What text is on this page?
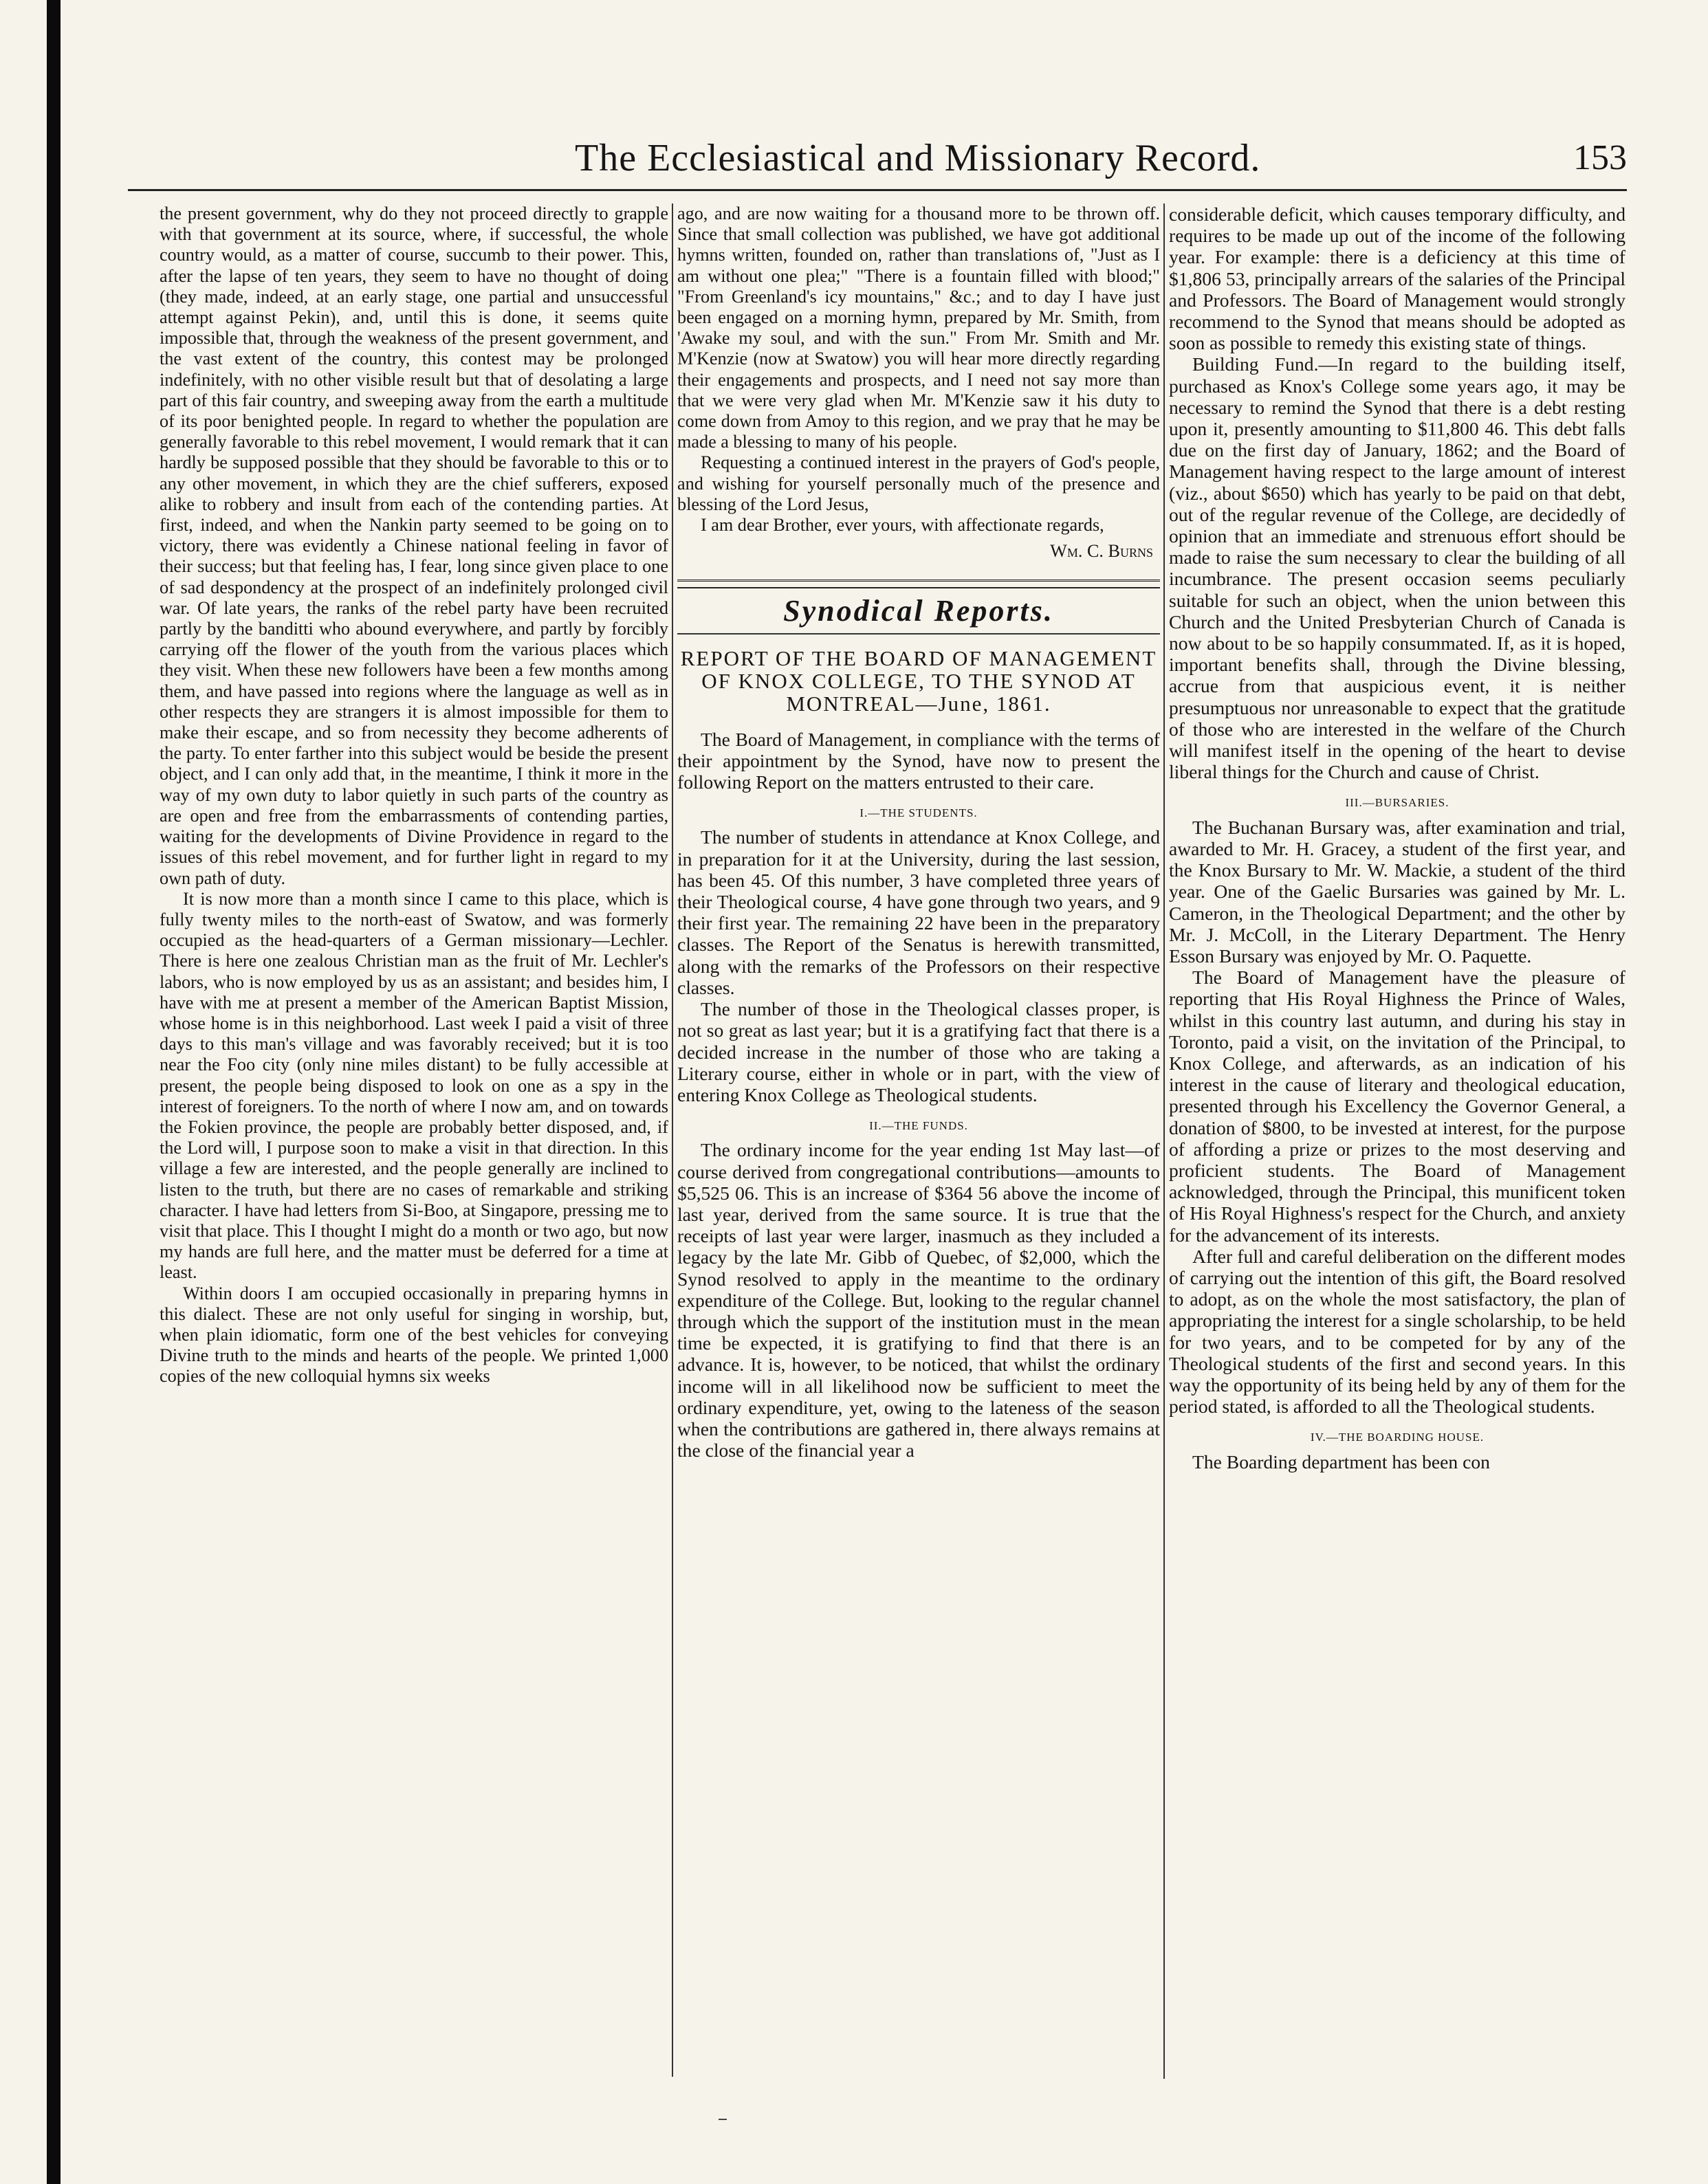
The Ecclesiastical and Missionary Record.	153

the present government, why do they not proceed directly to grapple with that government at its source, where, if successful, the whole country would, as a matter of course, succumb to their power. This, after the lapse of ten years, they seem to have no thought of doing (they made, indeed, at an early stage, one partial and unsuccessful attempt against Pekin), and, until this is done, it seems quite impossible that, through the weakness of the present government, and the vast extent of the country, this contest may be prolonged indefinitely, with no other visible result but that of desolating a large part of this fair country, and sweeping away from the earth a multitude of its poor benighted people. In regard to whether the population are generally favorable to this rebel movement, I would remark that it can hardly be supposed possible that they should be favorable to this or to any other movement, in which they are the chief sufferers, exposed alike to robbery and insult from each of the contending parties. At first, indeed, and when the Nankin party seemed to be going on to victory, there was evidently a Chinese national feeling in favor of their success; but that feeling has, I fear, long since given place to one of sad despondency at the prospect of an indefinitely prolonged civil war. Of late years, the ranks of the rebel party have been recruited partly by the banditti who abound everywhere, and partly by forcibly carrying off the flower of the youth from the various places which they visit. When these new followers have been a few months among them, and have passed into regions where the language as well as in other respects they are strangers it is almost impossible for them to make their escape, and so from necessity they become adherents of the party. To enter farther into this subject would be beside the present object, and I can only add that, in the meantime, I think it more in the way of my own duty to labor quietly in such parts of the country as are open and free from the embarrassments of contending parties, waiting for the developments of Divine Providence in regard to the issues of this rebel movement, and for further light in regard to my own path of duty.

It is now more than a month since I came to this place, which is fully twenty miles to the north-east of Swatow, and was formerly occupied as the head-quarters of a German missionary—Lechler. There is here one zealous Christian man as the fruit of Mr. Lechler's labors, who is now employed by us as an assistant; and besides him, I have with me at present a member of the American Baptist Mission, whose home is in this neighborhood. Last week I paid a visit of three days to this man's village and was favorably received; but it is too near the Foo city (only nine miles distant) to be fully accessible at present, the people being disposed to look on one as a spy in the interest of foreigners. To the north of where I now am, and on towards the Fokien province, the people are probably better disposed, and, if the Lord will, I purpose soon to make a visit in that direction. In this village a few are interested, and the people generally are inclined to listen to the truth, but there are no cases of remarkable and striking character. I have had letters from Si-Boo, at Singapore, pressing me to visit that place. This I thought I might do a month or two ago, but now my hands are full here, and the matter must be deferred for a time at least.

Within doors I am occupied occasionally in preparing hymns in this dialect. These are not only useful for singing in worship, but, when plain idiomatic, form one of the best vehicles for conveying Divine truth to the minds and hearts of the people. We printed 1,000 copies of the new colloquial hymns six weeks

ago, and are now waiting for a thousand more to be thrown off. Since that small collection was published, we have got additional hymns written, founded on, rather than translations of, "Just as I am without one plea;" "There is a fountain filled with blood;" "From Greenland's icy mountains," &c.; and to day I have just been engaged on a morning hymn, prepared by Mr. Smith, from 'Awake my soul, and with the sun." From Mr. Smith and Mr. M'Kenzie (now at Swatow) you will hear more directly regarding their engagements and prospects, and I need not say more than that we were very glad when Mr. M'Kenzie saw it his duty to come down from Amoy to this region, and we pray that he may be made a blessing to many of his people.

Requesting a continued interest in the prayers of God's people, and wishing for yourself personally much of the presence and blessing of the Lord Jesus,

I am dear Brother, ever yours, with affectionate regards,

Wm. C. Burns
Synodical Reports.
REPORT OF THE BOARD OF MANAGEMENT OF KNOX COLLEGE, TO THE SYNOD AT MONTREAL—June, 1861.

The Board of Management, in compliance with the terms of their appointment by the Synod, have now to present the following Report on the matters entrusted to their care.

I.—THE STUDENTS.

The number of students in attendance at Knox College, and in preparation for it at the University, during the last session, has been 45. Of this number, 3 have completed three years of their Theological course, 4 have gone through two years, and 9 their first year. The remaining 22 have been in the preparatory classes. The Report of the Senatus is herewith transmitted, along with the remarks of the Professors on their respective classes.

The number of those in the Theological classes proper, is not so great as last year; but it is a gratifying fact that there is a decided increase in the number of those who are taking a Literary course, either in whole or in part, with the view of entering Knox College as Theological students.

II.—THE FUNDS.

The ordinary income for the year ending 1st May last—of course derived from congregational contributions—amounts to $5,525 06. This is an increase of $364 56 above the income of last year, derived from the same source. It is true that the receipts of last year were larger, inasmuch as they included a legacy by the late Mr. Gibb of Quebec, of $2,000, which the Synod resolved to apply in the meantime to the ordinary expenditure of the College. But, looking to the regular channel through which the support of the institution must in the mean time be expected, it is gratifying to find that there is an advance. It is, however, to be noticed, that whilst the ordinary income will in all likelihood now be sufficient to meet the ordinary expenditure, yet, owing to the lateness of the season when the contributions are gathered in, there always remains at the close of the financial year a

considerable deficit, which causes temporary difficulty, and requires to be made up out of the income of the following year. For example: there is a deficiency at this time of $1,806 53, principally arrears of the salaries of the Principal and Professors. The Board of Management would strongly recommend to the Synod that means should be adopted as soon as possible to remedy this existing state of things.

Building Fund.—In regard to the building itself, purchased as Knox's College some years ago, it may be necessary to remind the Synod that there is a debt resting upon it, presently amounting to $11,800 46. This debt falls due on the first day of January, 1862; and the Board of Management having respect to the large amount of interest (viz., about $650) which has yearly to be paid on that debt, out of the regular revenue of the College, are decidedly of opinion that an immediate and strenuous effort should be made to raise the sum necessary to clear the building of all incumbrance. The present occasion seems peculiarly suitable for such an object, when the union between this Church and the United Presbyterian Church of Canada is now about to be so happily consummated. If, as it is hoped, important benefits shall, through the Divine blessing, accrue from that auspicious event, it is neither presumptuous nor unreasonable to expect that the gratitude of those who are interested in the welfare of the Church will manifest itself in the opening of the heart to devise liberal things for the Church and cause of Christ.

III.—BURSARIES.

The Buchanan Bursary was, after examination and trial, awarded to Mr. H. Gracey, a student of the first year, and the Knox Bursary to Mr. W. Mackie, a student of the third year. One of the Gaelic Bursaries was gained by Mr. L. Cameron, in the Theological Department; and the other by Mr. J. McColl, in the Literary Department. The Henry Esson Bursary was enjoyed by Mr. O. Paquette.

The Board of Management have the pleasure of reporting that His Royal Highness the Prince of Wales, whilst in this country last autumn, and during his stay in Toronto, paid a visit, on the invitation of the Principal, to Knox College, and afterwards, as an indication of his interest in the cause of literary and theological education, presented through his Excellency the Governor General, a donation of $800, to be invested at interest, for the purpose of affording a prize or prizes to the most deserving and proficient students. The Board of Management acknowledged, through the Principal, this munificent token of His Royal Highness's respect for the Church, and anxiety for the advancement of its interests.

After full and careful deliberation on the different modes of carrying out the intention of this gift, the Board resolved to adopt, as on the whole the most satisfactory, the plan of appropriating the interest for a single scholarship, to be held for two years, and to be competed for by any of the Theological students of the first and second years. In this way the opportunity of its being held by any of them for the period stated, is afforded to all the Theological students.

IV.—THE BOARDING HOUSE.

The Boarding department has been con
